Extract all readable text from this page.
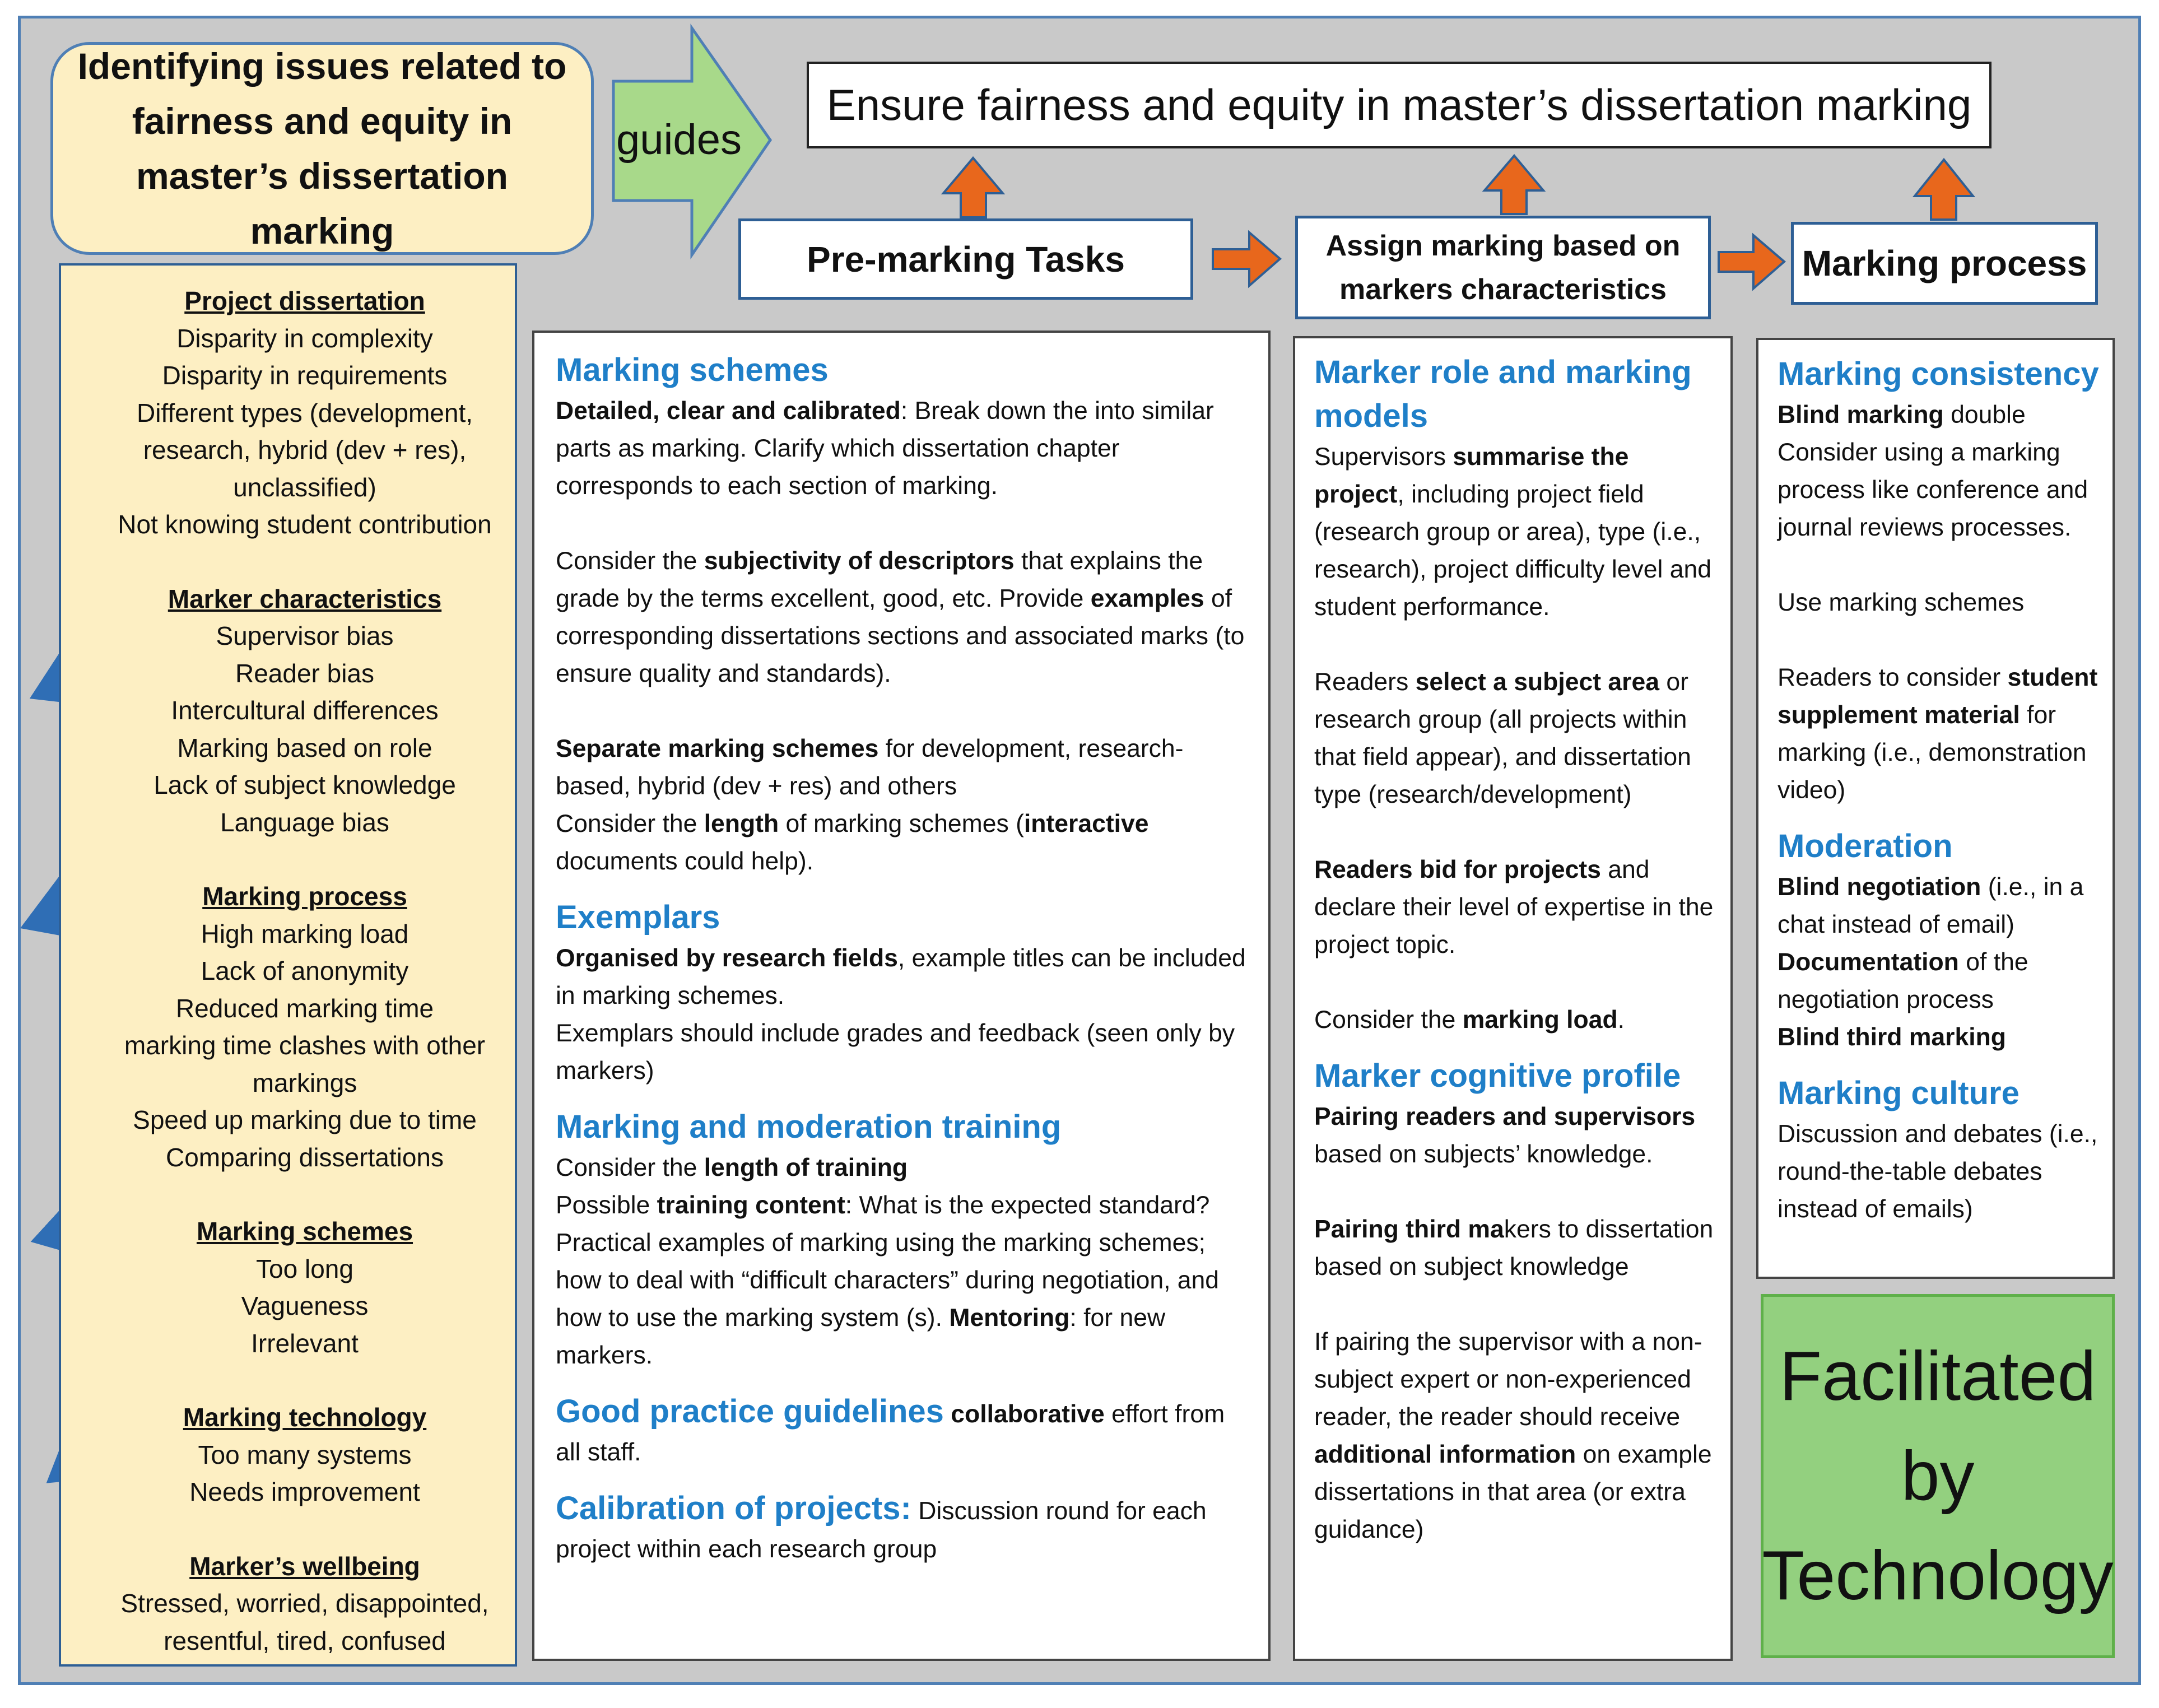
Identifying issues related to fairness and equity in master’s dissertation marking
guides
Ensure fairness and equity in master’s dissertation marking
Pre-marking Tasks	Assign marking based on markers characteristics
Marking process
Project dissertation
Disparity in complexity
Disparity in requirements
Different types (development, research, hybrid (dev + res), unclassified)
Not knowing student contribution
Marker characteristics
Supervisor bias
Reader bias
Intercultural differences
Marking based on role
Lack of subject knowledge
Language bias
Marking process
High marking load
Lack of anonymity
Reduced marking time
marking time clashes with other markings
Speed up marking due to time
Comparing dissertations
Marking schemes
Too long
Vagueness
Irrelevant
Marking technology
Too many systems
Needs improvement
Marker’s wellbeing
Stressed, worried, disappointed, resentful, tired, confused
Marking schemes
Detailed, clear and calibrated: Break down the into similar parts as marking. Clarify which dissertation chapter corresponds to each section of marking.
Consider the subjectivity of descriptors that explains the grade by the terms excellent, good, etc. Provide examples of corresponding dissertations sections and associated marks (to ensure quality and standards).
Separate marking schemes for development, research-based, hybrid (dev + res) and others
Consider the length of marking schemes (interactive documents could help).
Exemplars
Organised by research fields, example titles can be included in marking schemes.
Exemplars should include grades and feedback (seen only by markers)
Marking and moderation training
Consider the length of training
Possible training content: What is the expected standard? Practical examples of marking using the marking schemes; how to deal with “difficult characters” during negotiation, and how to use the marking system (s). Mentoring: for new markers.
Good practice guidelines collaborative effort from all staff.
Calibration of projects: Discussion round for each project within each research group
Marker role and marking models
Supervisors summarise the project, including project field (research group or area), type (i.e., research), project difficulty level and student performance.
Readers select a subject area or research group (all projects within that field appear), and dissertation type (research/development)
Readers bid for projects and declare their level of expertise in the project topic.
Consider the marking load.
Marker cognitive profile
Pairing readers and supervisors based on subjects’ knowledge.
Pairing third makers to dissertation based on subject knowledge
If pairing the supervisor with a non-subject expert or non-experienced reader, the reader should receive additional information on example dissertations in that area (or extra guidance)
Marking consistency
Blind marking double
Consider using a marking process like conference and journal reviews processes.
Use marking schemes
Readers to consider student supplement material for marking (i.e., demonstration video)
Moderation
Blind negotiation (i.e., in a chat instead of email)
Documentation of the negotiation process
Blind third marking
Marking culture
Discussion and debates (i.e., round-the-table debates instead of emails)
Facilitated by Technology
